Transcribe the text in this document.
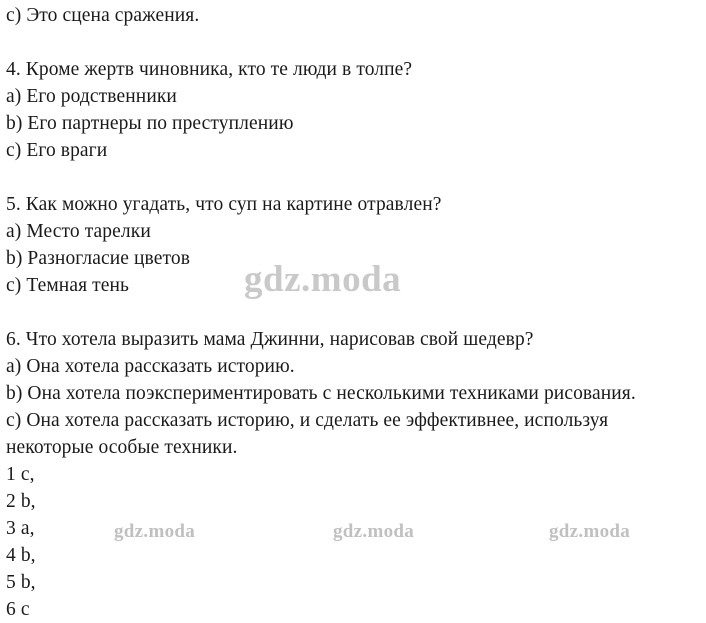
c) Это сцена сражения.
4. Кроме жертв чиновника, кто те люди в толпе?
a) Его родственники
b) Его партнеры по преступлению
c) Его враги
5. Как можно угадать, что суп на картине отравлен?
a) Место тарелки
b) Разногласие цветов
c) Темная тень
6. Что хотела выразить мама Джинни, нарисовав свой шедевр?
a) Она хотела рассказать историю.
b) Она хотела поэкспериментировать с несколькими техниками рисования.
c) Она хотела рассказать историю, и сделать ее эффективнее, используя
некоторые особые техники.
1 c,
2 b,
3 a,
4 b,
5 b,
6 c
gdz.moda
gdz.moda	gdz.moda	gdz.moda
